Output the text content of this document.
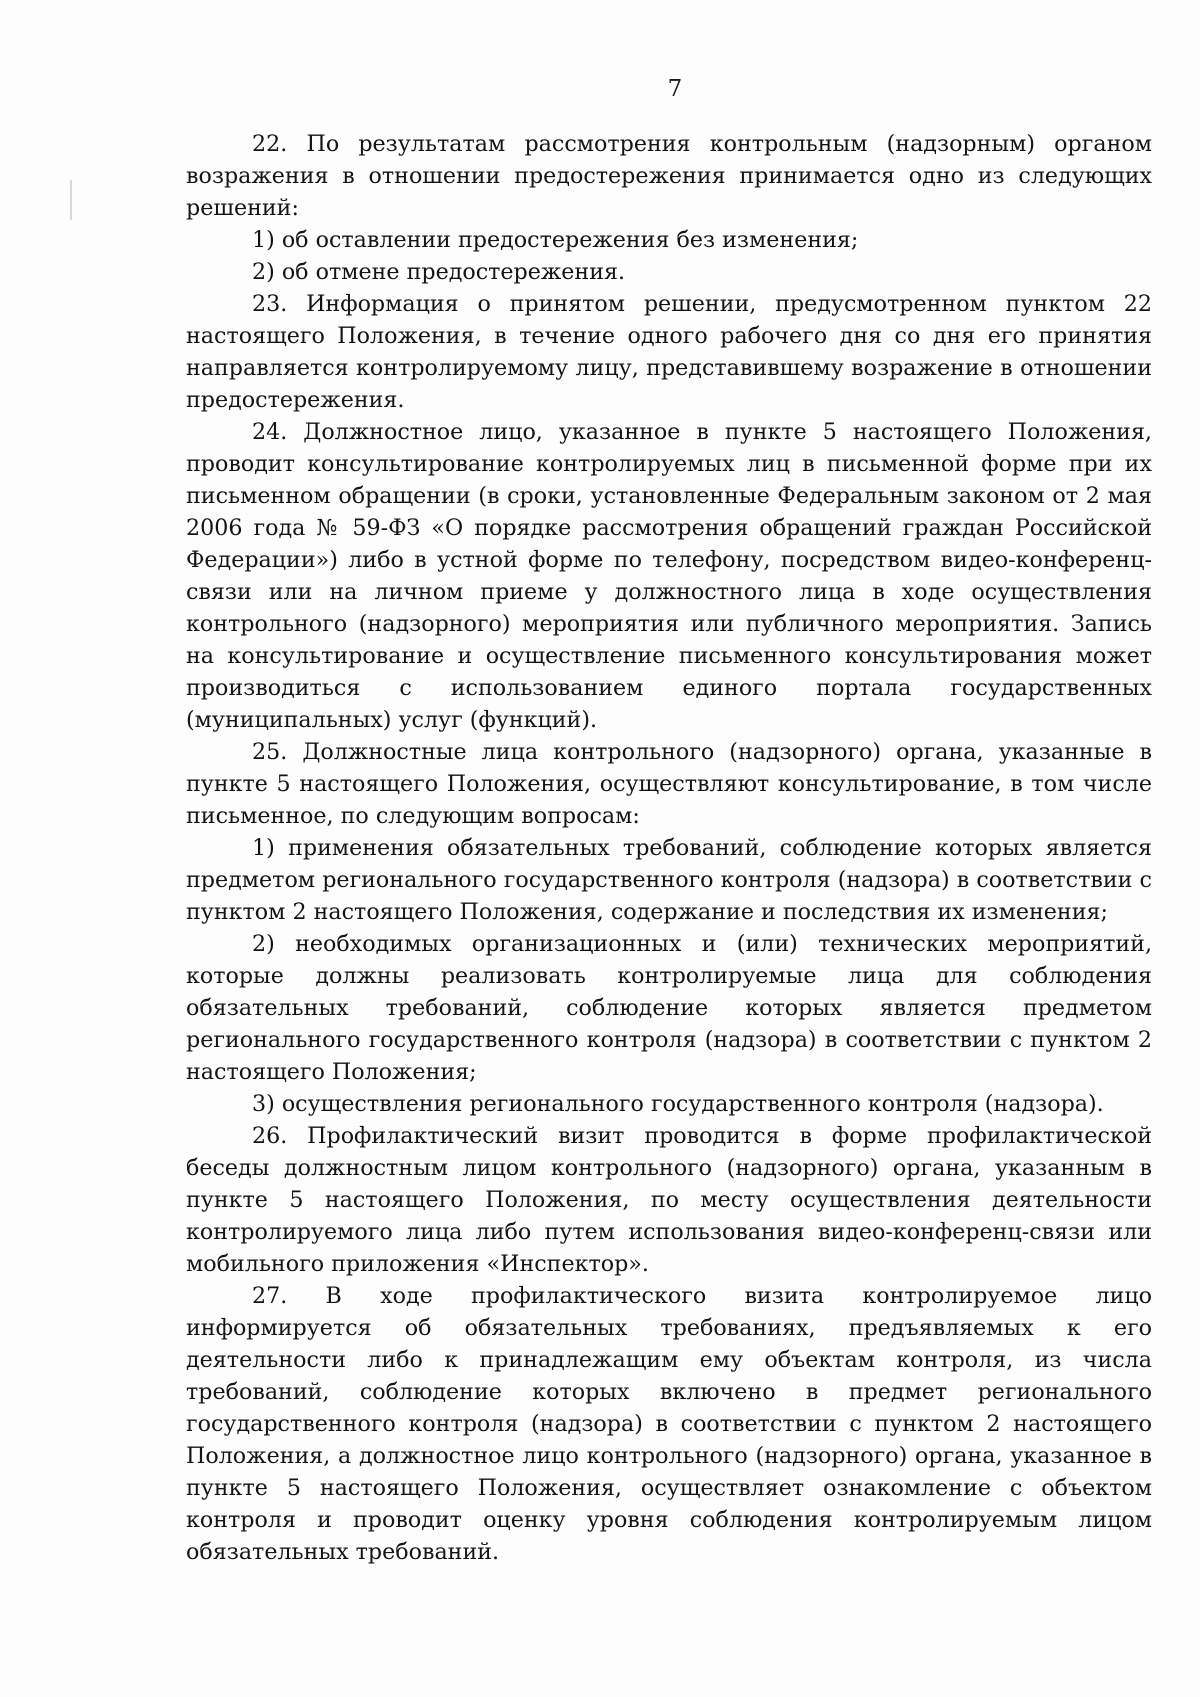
7

22. По результатам рассмотрения контрольным (надзорным) органом возражения в отношении предостережения принимается одно из следующих решений:

1) об оставлении предостережения без изменения;

2) об отмене предостережения.

23. Информация о принятом решении, предусмотренном пунктом 22 настоящего Положения, в течение одного рабочего дня со дня его принятия направляется контролируемому лицу, представившему возражение в отношении предостережения.

24. Должностное лицо, указанное в пункте 5 настоящего Положения, проводит консультирование контролируемых лиц в письменной форме при их письменном обращении (в сроки, установленные Федеральным законом от 2 мая 2006 года № 59-ФЗ «О порядке рассмотрения обращений граждан Российской Федерации») либо в устной форме по телефону, посредством видео-конференц-связи или на личном приеме у должностного лица в ходе осуществления контрольного (надзорного) мероприятия или публичного мероприятия. Запись на консультирование и осуществление письменного консультирования может производиться с использованием единого портала государственных (муниципальных) услуг (функций).

25. Должностные лица контрольного (надзорного) органа, указанные в пункте 5 настоящего Положения, осуществляют консультирование, в том числе письменное, по следующим вопросам:

1) применения обязательных требований, соблюдение которых является предметом регионального государственного контроля (надзора) в соответствии с пунктом 2 настоящего Положения, содержание и последствия их изменения;

2) необходимых организационных и (или) технических мероприятий, которые должны реализовать контролируемые лица для соблюдения обязательных требований, соблюдение которых является предметом регионального государственного контроля (надзора) в соответствии с пунктом 2 настоящего Положения;

3) осуществления регионального государственного контроля (надзора).

26. Профилактический визит проводится в форме профилактической беседы должностным лицом контрольного (надзорного) органа, указанным в пункте 5 настоящего Положения, по месту осуществления деятельности контролируемого лица либо путем использования видео-конференц-связи или мобильного приложения «Инспектор».

27. В ходе профилактического визита контролируемое лицо информируется об обязательных требованиях, предъявляемых к его деятельности либо к принадлежащим ему объектам контроля, из числа требований, соблюдение которых включено в предмет регионального государственного контроля (надзора) в соответствии с пунктом 2 настоящего Положения, а должностное лицо контрольного (надзорного) органа, указанное в пункте 5 настоящего Положения, осуществляет ознакомление с объектом контроля и проводит оценку уровня соблюдения контролируемым лицом обязательных требований.
